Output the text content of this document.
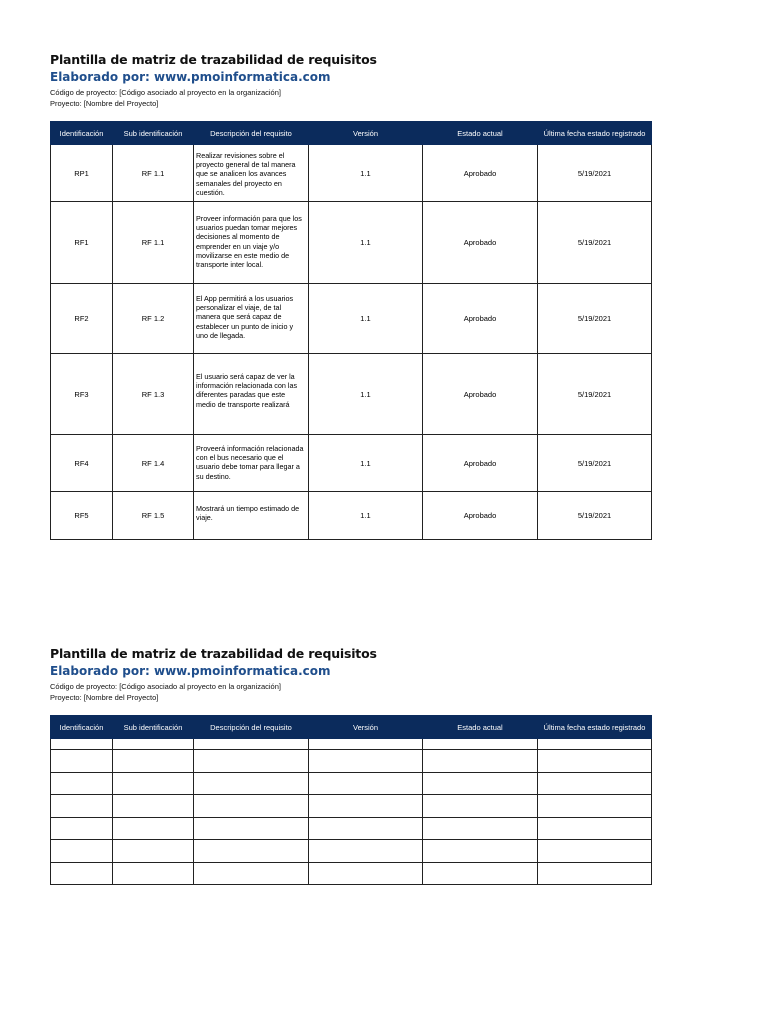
Plantilla de matriz de trazabilidad de requisitos
Elaborado por: www.pmoinformatica.com
Código de proyecto: [Código asociado al proyecto en la organización]
Proyecto: [Nombre del Proyecto]
Identificación	Sub identificación	Descripción del requisito	Versión	Estado actual	Última fecha estado registrado
RP1	RF 1.1	Realizar revisiones sobre el proyecto general de tal manera que se analicen los avances semanales del proyecto en cuestión.	1.1	Aprobado	5/19/2021
RF1	RF 1.1	Proveer información para que los usuarios puedan tomar mejores decisiones al momento de emprender en un viaje y/o movilizarse en este medio de transporte inter local.	1.1	Aprobado	5/19/2021
RF2	RF 1.2	El App permitirá a los usuarios personalizar el viaje, de tal manera que será capaz de establecer un punto de inicio y uno de llegada.	1.1	Aprobado	5/19/2021
RF3	RF 1.3	El usuario será capaz de ver la información relacionada con las diferentes paradas que este medio de transporte realizará	1.1	Aprobado	5/19/2021
RF4	RF 1.4	Proveerá información relacionada con el bus necesario que el usuario debe tomar para llegar a su destino.	1.1	Aprobado	5/19/2021
RF5	RF 1.5	Mostrará un tiempo estimado de viaje.	1.1	Aprobado	5/19/2021
Plantilla de matriz de trazabilidad de requisitos
Elaborado por: www.pmoinformatica.com
Código de proyecto: [Código asociado al proyecto en la organización]
Proyecto: [Nombre del Proyecto]
Identificación	Sub identificación	Descripción del requisito	Versión	Estado actual	Última fecha estado registrado
